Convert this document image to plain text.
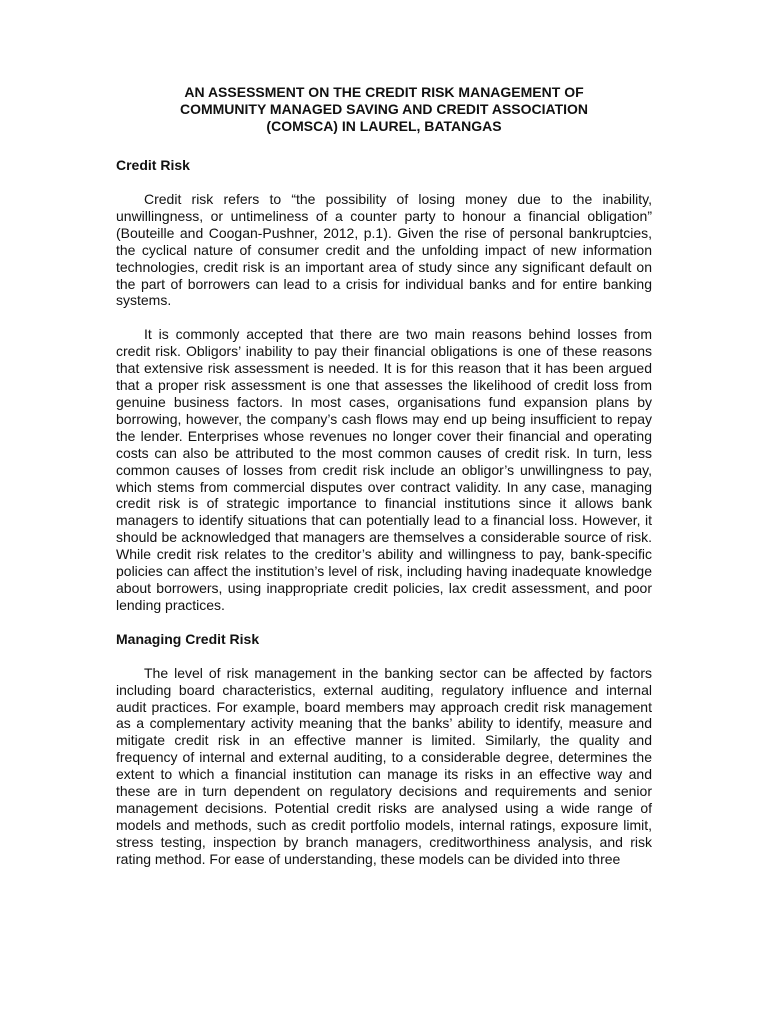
AN ASSESSMENT ON THE CREDIT RISK MANAGEMENT OF
COMMUNITY MANAGED SAVING AND CREDIT ASSOCIATION
(COMSCA) IN LAUREL, BATANGAS
Credit Risk

Credit risk refers to “the possibility of losing money due to the inability, unwillingness, or untimeliness of a counter party to honour a financial obligation” (Bouteille and Coogan-Pushner, 2012, p.1). Given the rise of personal bankruptcies, the cyclical nature of consumer credit and the unfolding impact of new information technologies, credit risk is an important area of study since any significant default on the part of borrowers can lead to a crisis for individual banks and for entire banking systems.

It is commonly accepted that there are two main reasons behind losses from credit risk. Obligors’ inability to pay their financial obligations is one of these reasons that extensive risk assessment is needed. It is for this reason that it has been argued that a proper risk assessment is one that assesses the likelihood of credit loss from genuine business factors. In most cases, organisations fund expansion plans by borrowing, however, the company’s cash flows may end up being insufficient to repay the lender. Enterprises whose revenues no longer cover their financial and operating costs can also be attributed to the most common causes of credit risk. In turn, less common causes of losses from credit risk include an obligor’s unwillingness to pay, which stems from commercial disputes over contract validity. In any case, managing credit risk is of strategic importance to financial institutions since it allows bank managers to identify situations that can potentially lead to a financial loss. However, it should be acknowledged that managers are themselves a considerable source of risk. While credit risk relates to the creditor’s ability and willingness to pay, bank-specific policies can affect the institution’s level of risk, including having inadequate knowledge about borrowers, using inappropriate credit policies, lax credit assessment, and poor lending practices.

Managing Credit Risk

The level of risk management in the banking sector can be affected by factors including board characteristics, external auditing, regulatory influence and internal audit practices. For example, board members may approach credit risk management as a complementary activity meaning that the banks’ ability to identify, measure and mitigate credit risk in an effective manner is limited. Similarly, the quality and frequency of internal and external auditing, to a considerable degree, determines the extent to which a financial institution can manage its risks in an effective way and these are in turn dependent on regulatory decisions and requirements and senior management decisions. Potential credit risks are analysed using a wide range of models and methods, such as credit portfolio models, internal ratings, exposure limit, stress testing, inspection by branch managers, creditworthiness analysis, and risk rating method. For ease of understanding, these models can be divided into three
